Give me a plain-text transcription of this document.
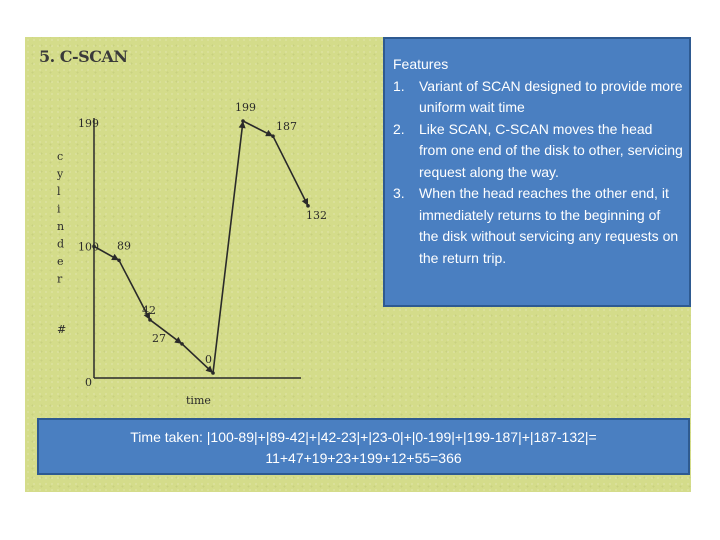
5. C-SCAN
199
0
time
c
y
l
i
n
d
e
r
#
100 89
42
27
0
199
187
132

Features

1. Variant of SCAN designed to provide more uniform wait time
2. Like SCAN, C-SCAN moves the head from one end of the disk to other, servicing request along the way.
3. When the head reaches the other end, it immediately returns to the beginning of the disk without servicing any requests on the return trip.
Time taken: |100-89|+|89-42|+|42-23|+|23-0|+|0-199|+|199-187|+|187-132|=
11+47+19+23+199+12+55=366
